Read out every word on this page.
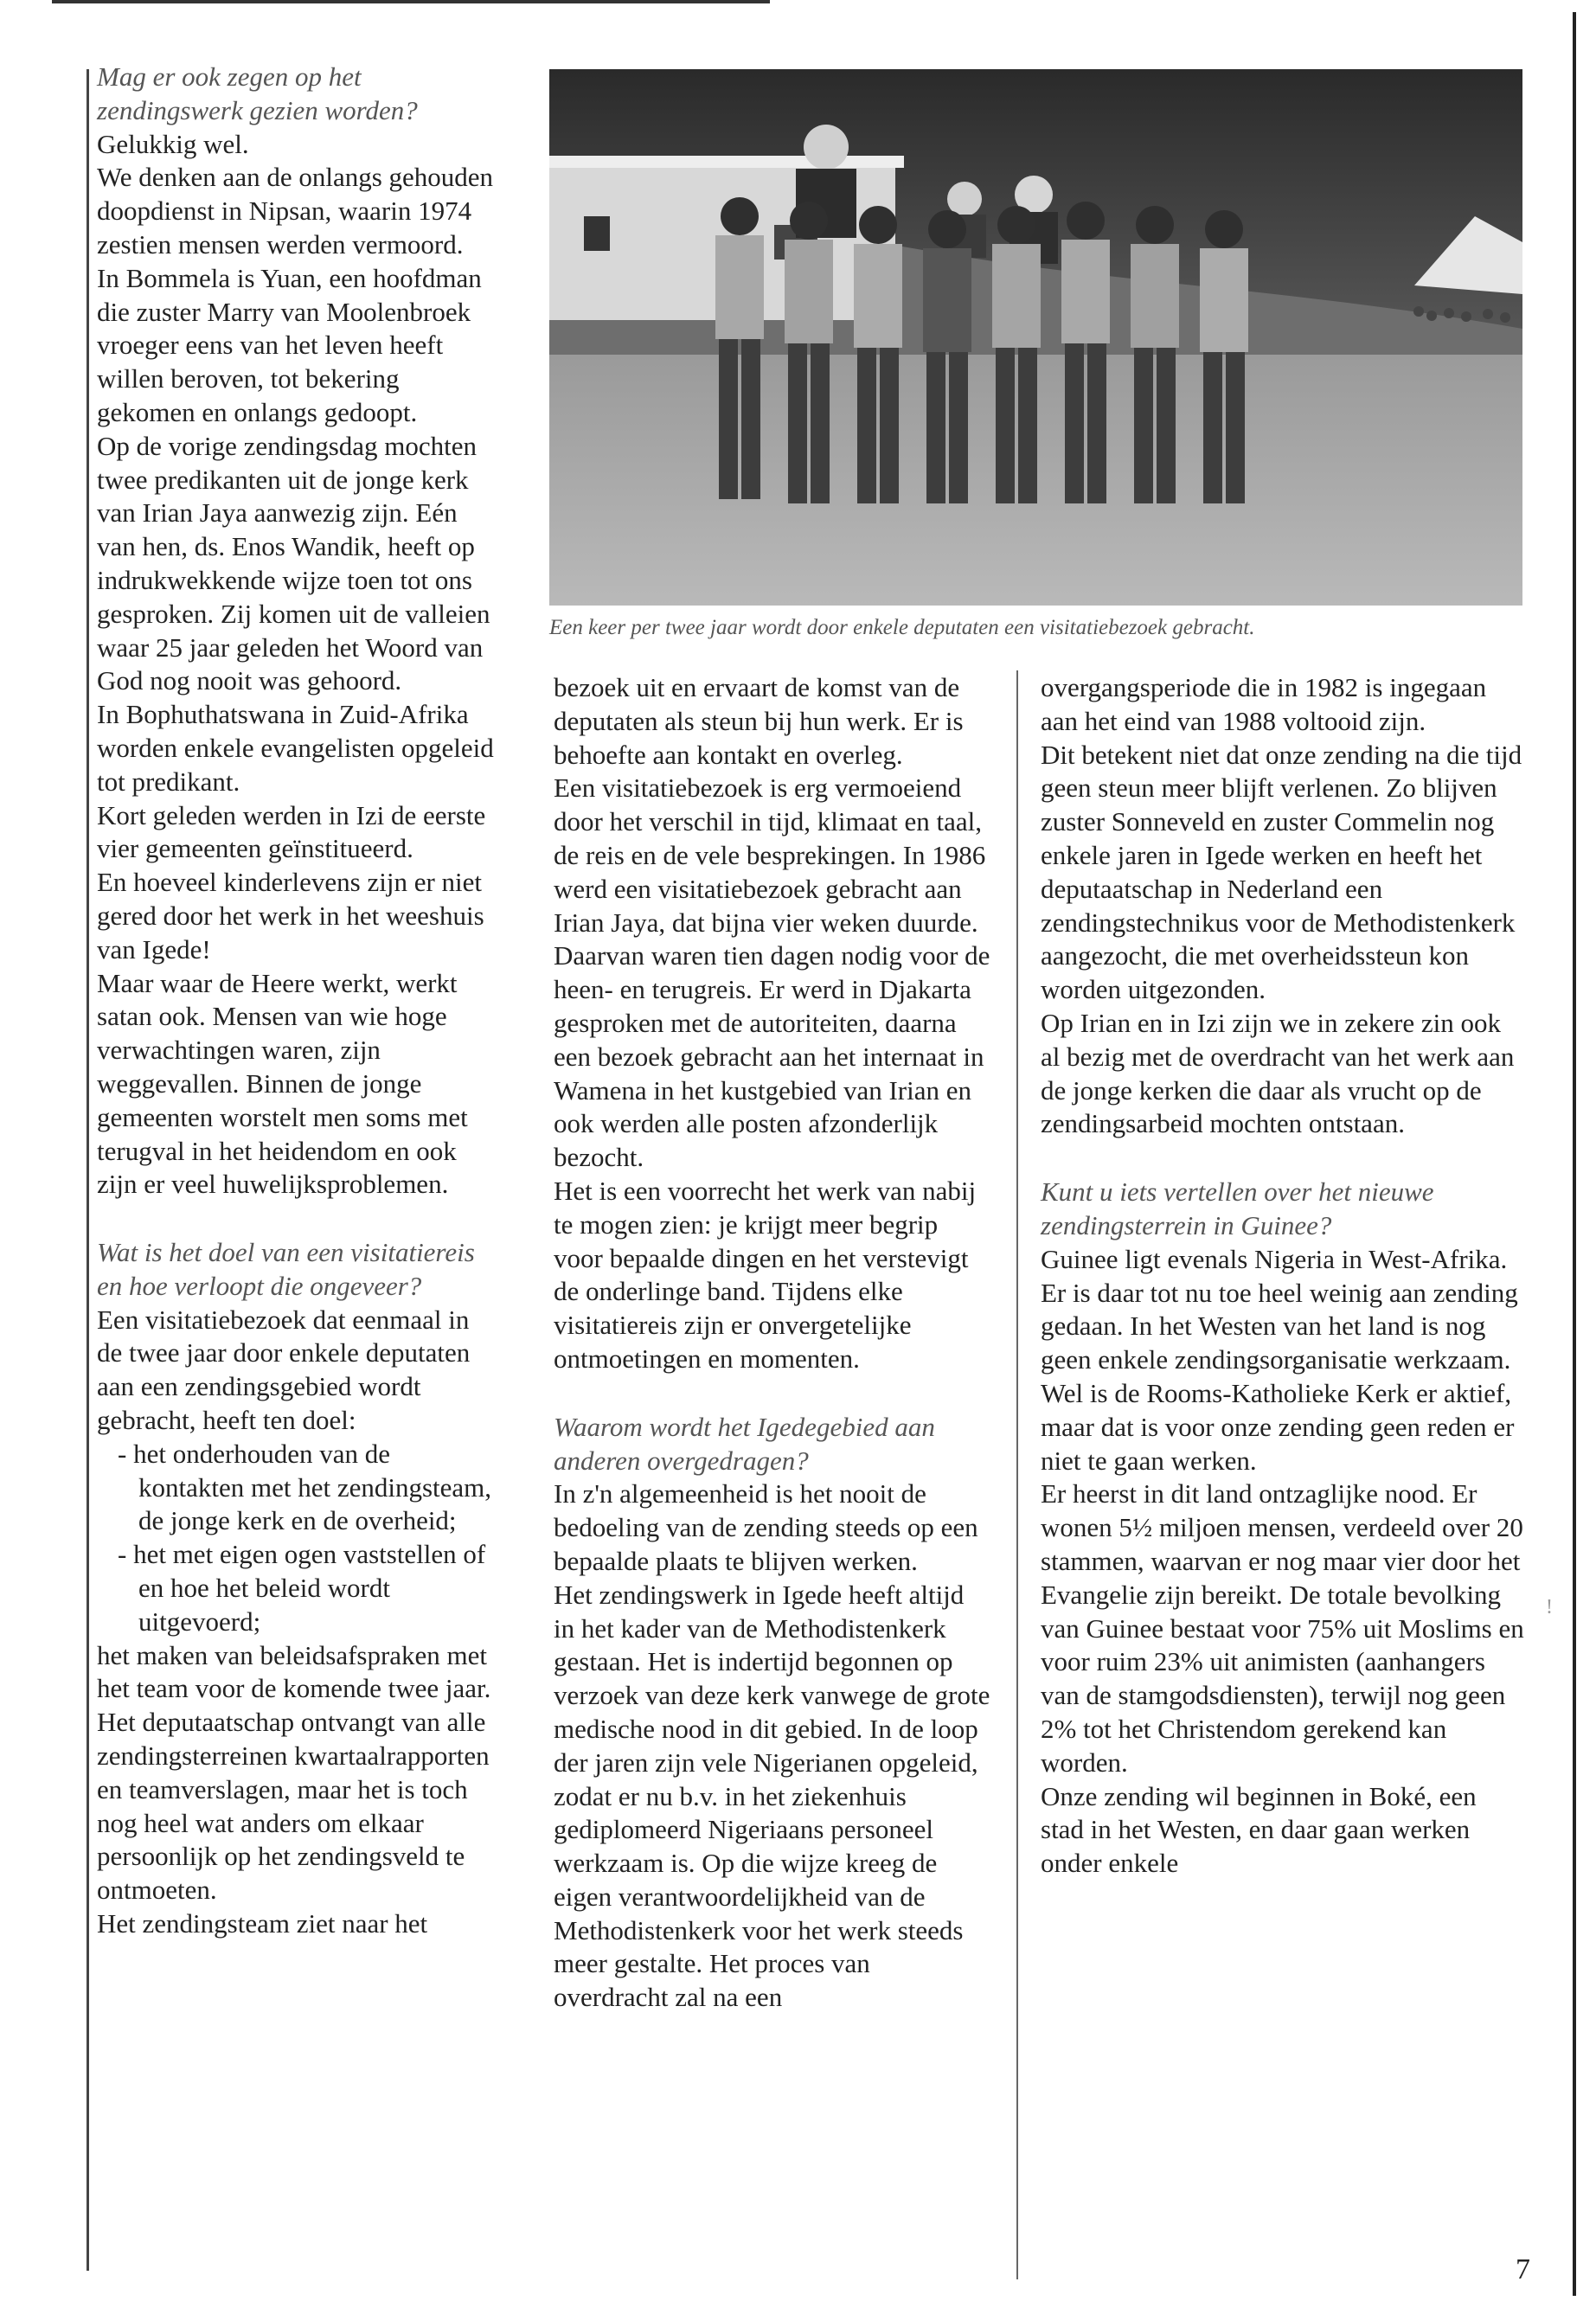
Mag er ook zegen op het zendingswerk gezien worden?

Gelukkig wel.

We denken aan de onlangs gehouden doopdienst in Nipsan, waarin 1974 zestien mensen werden vermoord.

In Bommela is Yuan, een hoofdman die zuster Marry van Moolenbroek vroeger eens van het leven heeft willen beroven, tot bekering gekomen en onlangs gedoopt.

Op de vorige zendingsdag mochten twee predikanten uit de jonge kerk van Irian Jaya aanwezig zijn. Eén van hen, ds. Enos Wandik, heeft op indrukwekkende wijze toen tot ons gesproken. Zij komen uit de valleien waar 25 jaar geleden het Woord van God nog nooit was gehoord.

In Bophuthatswana in Zuid-Afrika worden enkele evangelisten opgeleid tot predikant.

Kort geleden werden in Izi de eerste vier gemeenten geïnstitueerd.

En hoeveel kinderlevens zijn er niet gered door het werk in het weeshuis van Igede!

Maar waar de Heere werkt, werkt satan ook. Mensen van wie hoge verwachtingen waren, zijn weggevallen. Binnen de jonge gemeenten worstelt men soms met terugval in het heidendom en ook zijn er veel huwelijksproblemen.

Wat is het doel van een visitatiereis en hoe verloopt die ongeveer?

Een visitatiebezoek dat eenmaal in de twee jaar door enkele deputaten aan een zendingsgebied wordt gebracht, heeft ten doel:

- het onderhouden van de kontakten met het zendingsteam, de jonge kerk en de overheid;

- het met eigen ogen vaststellen of en hoe het beleid wordt uitgevoerd;

het maken van beleidsafspraken met het team voor de komende twee jaar.

Het deputaatschap ontvangt van alle zendingsterreinen kwartaalrapporten en teamverslagen, maar het is toch nog heel wat anders om elkaar persoonlijk op het zendingsveld te ontmoeten.

Het zendingsteam ziet naar het

Een keer per twee jaar wordt door enkele deputaten een visitatiebezoek gebracht.

bezoek uit en ervaart de komst van de deputaten als steun bij hun werk. Er is behoefte aan kontakt en overleg.

Een visitatiebezoek is erg vermoeiend door het verschil in tijd, klimaat en taal, de reis en de vele besprekingen. In 1986 werd een visitatiebezoek gebracht aan Irian Jaya, dat bijna vier weken duurde. Daarvan waren tien dagen nodig voor de heen- en terugreis. Er werd in Djakarta gesproken met de autoriteiten, daarna een bezoek gebracht aan het internaat in Wamena in het kustgebied van Irian en ook werden alle posten afzonderlijk bezocht.

Het is een voorrecht het werk van nabij te mogen zien: je krijgt meer begrip voor bepaalde dingen en het verstevigt de onderlinge band. Tijdens elke visitatiereis zijn er onvergetelijke ontmoetingen en momenten.

Waarom wordt het Igedegebied aan anderen overgedragen?

In z'n algemeenheid is het nooit de bedoeling van de zending steeds op een bepaalde plaats te blijven werken.

Het zendingswerk in Igede heeft altijd in het kader van de Methodistenkerk gestaan. Het is indertijd begonnen op verzoek van deze kerk vanwege de grote medische nood in dit gebied. In de loop der jaren zijn vele Nigerianen opgeleid, zodat er nu b.v. in het ziekenhuis gediplomeerd Nigeriaans personeel werkzaam is. Op die wijze kreeg de eigen verantwoordelijkheid van de Methodistenkerk voor het werk steeds meer gestalte. Het proces van overdracht zal na een

overgangsperiode die in 1982 is ingegaan aan het eind van 1988 voltooid zijn.

Dit betekent niet dat onze zending na die tijd geen steun meer blijft verlenen. Zo blijven zuster Sonneveld en zuster Commelin nog enkele jaren in Igede werken en heeft het deputaatschap in Nederland een zendingstechnikus voor de Methodistenkerk aangezocht, die met overheidssteun kon worden uitgezonden.

Op Irian en in Izi zijn we in zekere zin ook al bezig met de overdracht van het werk aan de jonge kerken die daar als vrucht op de zendingsarbeid mochten ontstaan.

Kunt u iets vertellen over het nieuwe zendingsterrein in Guinee?

Guinee ligt evenals Nigeria in West-Afrika. Er is daar tot nu toe heel weinig aan zending gedaan. In het Westen van het land is nog geen enkele zendingsorganisatie werkzaam. Wel is de Rooms-Katholieke Kerk er aktief, maar dat is voor onze zending geen reden er niet te gaan werken.

Er heerst in dit land ontzaglijke nood. Er wonen 5½ miljoen mensen, verdeeld over 20 stammen, waarvan er nog maar vier door het Evangelie zijn bereikt. De totale bevolking van Guinee bestaat voor 75% uit Moslims en voor ruim 23% uit animisten (aanhangers van de stamgodsdiensten), terwijl nog geen 2% tot het Christendom gerekend kan worden.

Onze zending wil beginnen in Boké, een stad in het Westen, en daar gaan werken onder enkele

!
7
